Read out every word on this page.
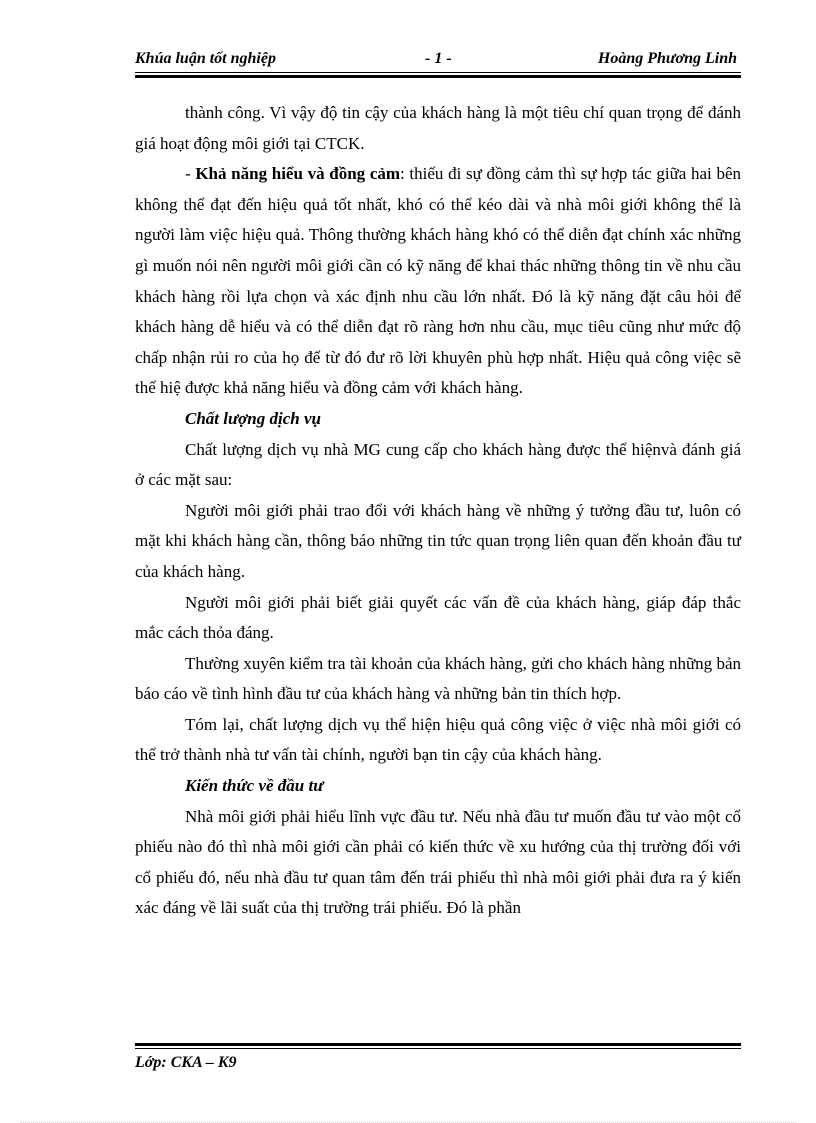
Khúa luận tốt nghiệp	- 1 -	Hoàng Phương Linh

thành công. Vì vậy độ tin cậy của khách hàng là một tiêu chí quan trọng để đánh giá hoạt động môi giới tại CTCK.

- Khả năng hiểu và đồng cảm: thiếu đi sự đồng cảm thì sự hợp tác giữa hai bên không thể đạt đến hiệu quả tốt nhất, khó có thể kéo dài và nhà môi giới không thể là người làm việc hiệu quả. Thông thường khách hàng khó có thể diễn đạt chính xác những gì muốn nói nên người môi giới cần có kỹ năng để khai thác những thông tin về nhu cầu khách hàng rồi lựa chọn và xác định nhu cầu lớn nhất. Đó là kỹ năng đặt câu hỏi để khách hàng dễ hiểu và có thể diễn đạt rõ ràng hơn nhu cầu, mục tiêu cũng như mức độ chấp nhận rủi ro của họ để từ đó đư rõ lời khuyên phù hợp nhất. Hiệu quả công việc sẽ thể hiệ được khả năng hiểu và đồng cảm với khách hàng.

Chất lượng dịch vụ

Chất lượng dịch vụ nhà MG cung cấp cho khách hàng được thể hiệnvà đánh giá ở các mặt sau:

Người môi giới phải trao đổi với khách hàng về những ý tưởng đầu tư, luôn có mặt khi khách hàng cần, thông báo những tin tức quan trọng liên quan đến khoản đầu tư của khách hàng.

Người môi giới phải biết giải quyết các vấn đề của khách hàng, giáp đáp thắc mắc cách thỏa đáng.

Thường xuyên kiểm tra tài khoản của khách hàng, gửi cho khách hàng những bản báo cáo về tình hình đầu tư của khách hàng và những bản tin thích hợp.

Tóm lại, chất lượng dịch vụ thể hiện hiệu quả công việc ở việc nhà môi giới có thể trở thành nhà tư vấn tài chính, người bạn tin cậy của khách hàng.

Kiến thức về đầu tư

Nhà môi giới phải hiểu lĩnh vực đầu tư. Nếu nhà đầu tư muốn đầu tư vào một cổ phiếu nào đó thì nhà môi giới cần phải có kiến thức về xu hướng của thị trường đối với cổ phiếu đó, nếu nhà đầu tư quan tâm đến trái phiếu thì nhà môi giới phải đưa ra ý kiến xác đáng về lãi suất của thị trường trái phiếu. Đó là phần

Lớp: CKA – K9
